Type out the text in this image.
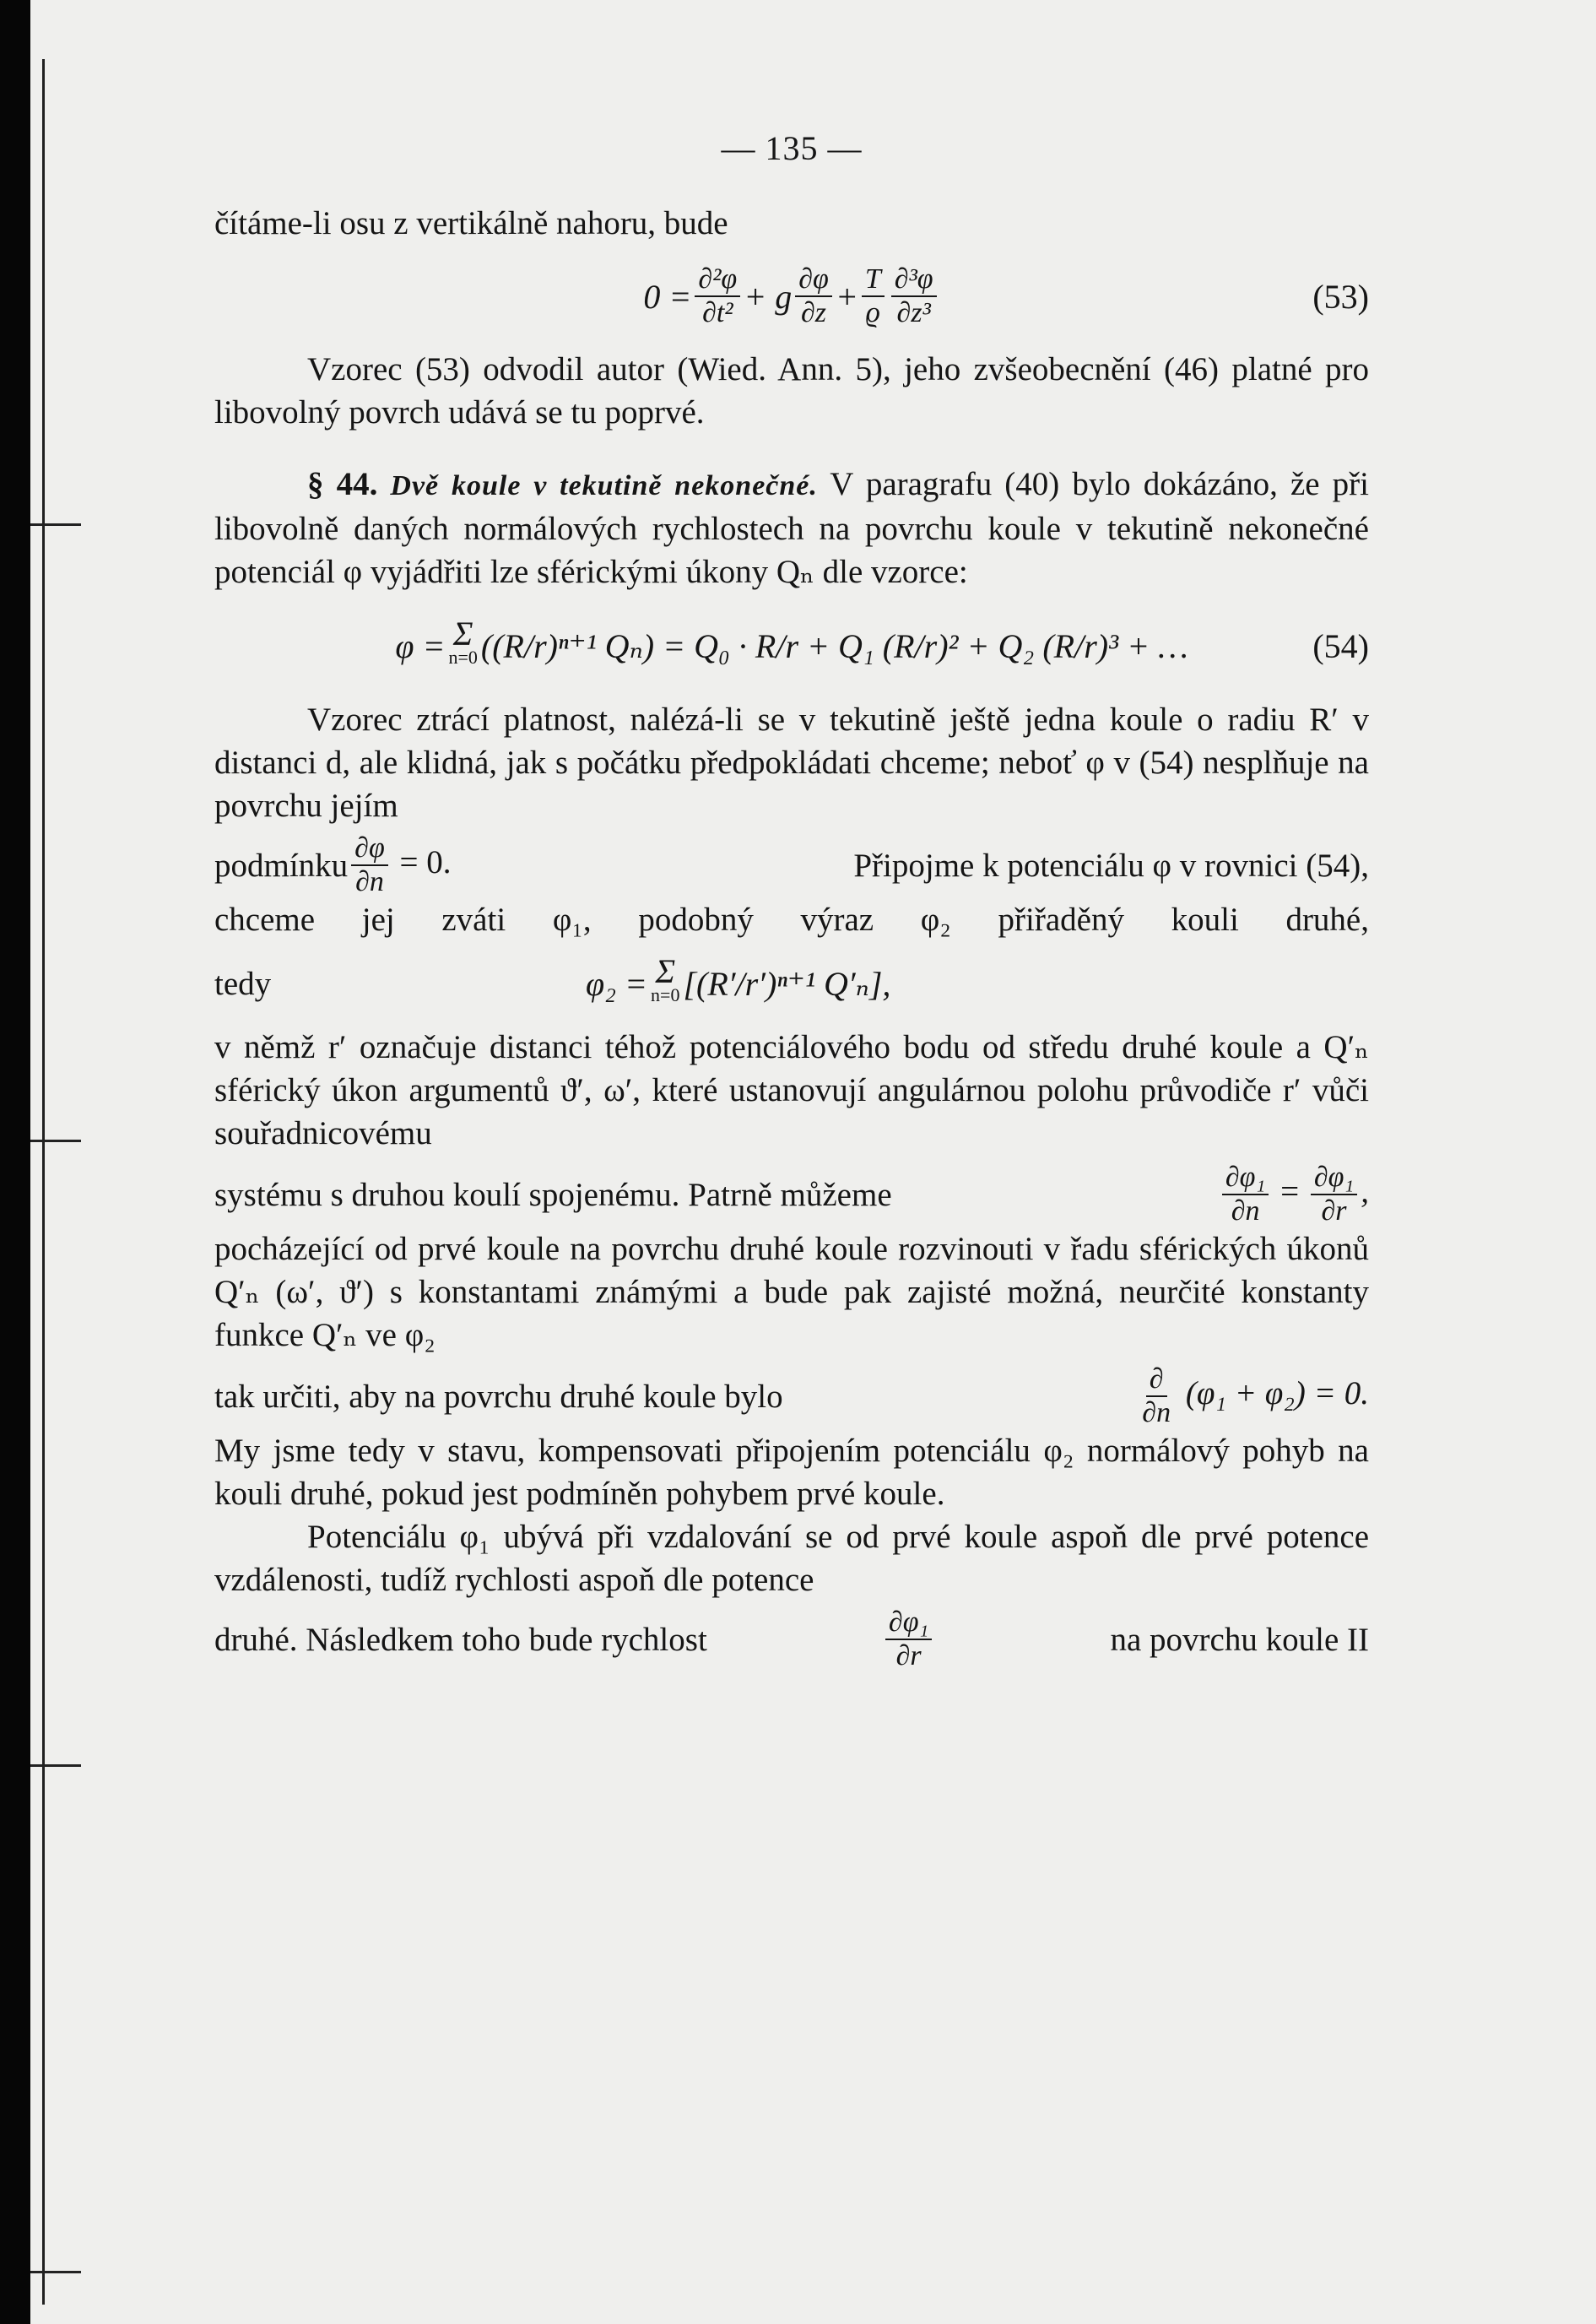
— 135 —

čítáme-li osu z vertikálně nahoru, bude

$0 = \frac{\text{∂²φ}}{\text{∂t²}} + g \frac{\partial\varphi}{\partial z} + \frac{T}{ϱ} \frac{\text{∂³φ}}{\text{∂z³}}$	(53)

Vzorec (53) odvodil autor (Wied. Ann. 5), jeho zvšeobecnění (46) platné pro libovolný povrch udává se tu poprvé.

§ 44. Dvě koule v tekutině nekonečné. V paragrafu (40) bylo dokázáno, že při libovolně daných normálových rychlostech na povrchu koule v tekutině nekonečné potenciál φ vyjádřiti lze sférickými úkony Qₙ dle vzorce:

φ = Σ
n=0 ((R/r)ⁿ⁺¹ Qₙ)
= Q₀ · R/r + Q₁ (R/r)² + Q₂ (R/r)³ + …	(54)

Vzorec ztrácí platnost, nalézá-li se v tekutině ještě jedna koule o radiu R′ v distanci d, ale klidná, jak s počátku předpokládati chceme; neboť φ v (54) nesplňuje na povrchu jejím

podmínku $\frac{\partial\varphi}{\partial n} = 0$.	Připojme k potenciálu φ v rovnici (54),

chceme jej zváti φ₁, podobný výraz φ₂ přiřaděný kouli druhé,

tedy	φ₂ = Σ
n=0 [(R′/r′)ⁿ⁺¹ Q′ₙ],

v němž r′ označuje distanci téhož potenciálového bodu od středu druhé koule a Q′ₙ sférický úkon argumentů ϑ′, ω′, které ustanovují angulárnou polohu průvodiče r′ vůči souřadnicovému

systému s druhou koulí spojenému. Patrně můžeme	$\frac{\text{∂φ₁}}{\partial n} = \frac{\text{∂φ₁}}{\partial r}$ ,

pocházející od prvé koule na povrchu druhé koule rozvinouti v řadu sférických úkonů Q′ₙ (ω′, ϑ′) s konstantami známými a bude pak zajisté možná, neurčité konstanty funkce Q′ₙ ve φ₂

tak určiti, aby na povrchu druhé koule bylo	$\frac{\partial}{\partial n} (\varphi_1 + \varphi_2) = 0$.

My jsme tedy v stavu, kompensovati připojením potenciálu φ₂ normálový pohyb na kouli druhé, pokud jest podmíněn pohybem prvé koule.

Potenciálu φ₁ ubývá při vzdalování se od prvé koule aspoň dle prvé potence vzdálenosti, tudíž rychlosti aspoň dle potence

druhé. Následkem toho bude rychlost	$\frac{\text{∂φ₁}}{\partial r}$	na povrchu koule II
